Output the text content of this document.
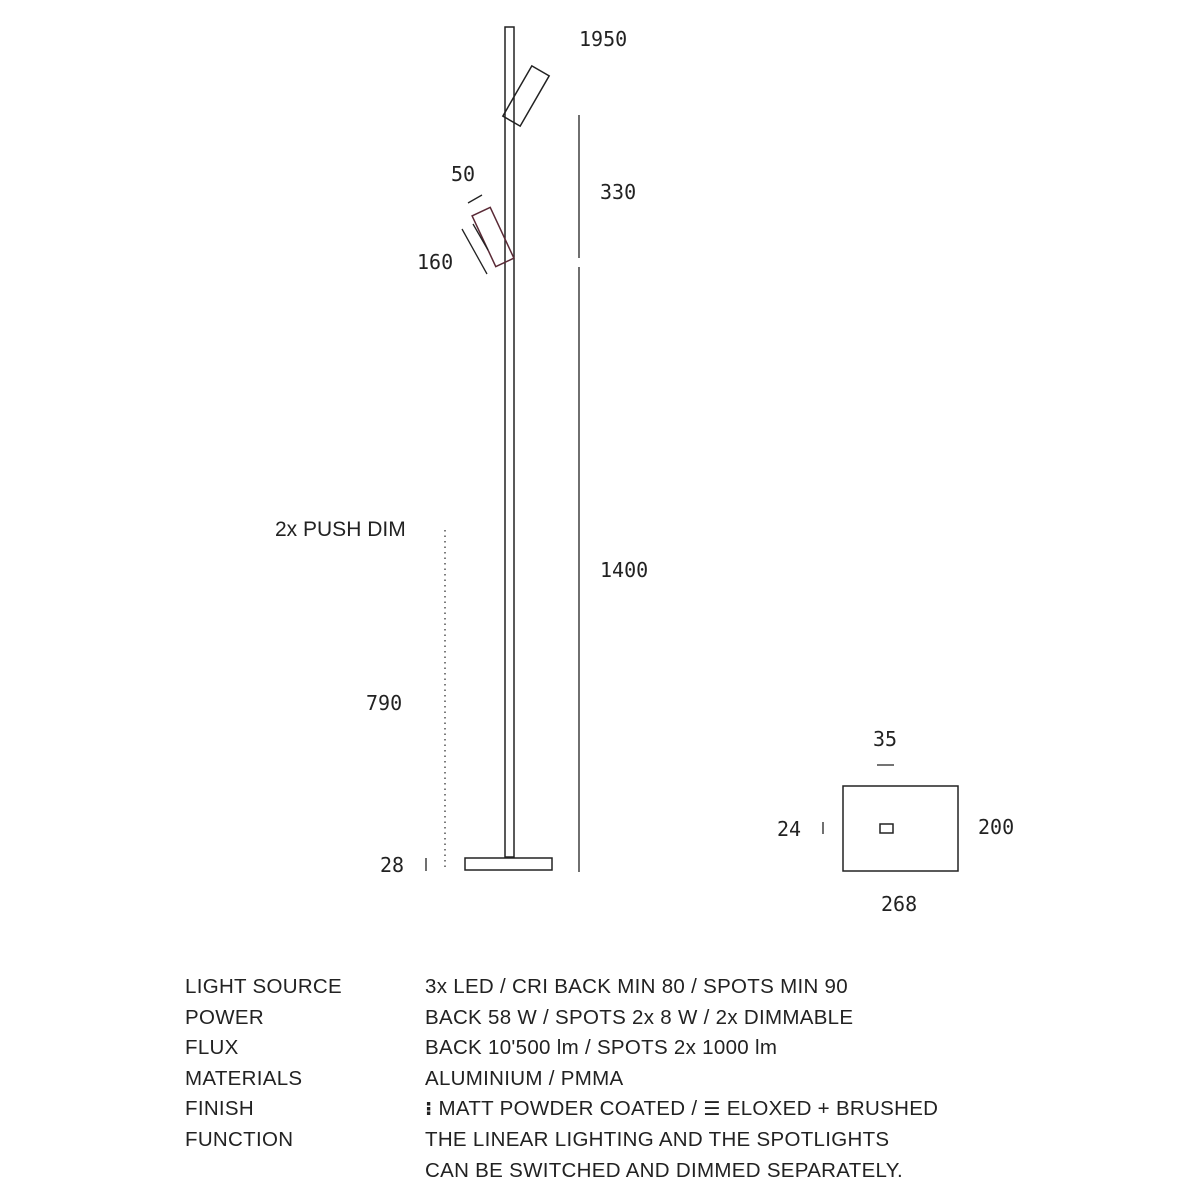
1950
330
50
160
2x PUSH DIM
1400
790
28
35
24	200
268
LIGHT SOURCE	3x LED / CRI BACK MIN 80 / SPOTS MIN 90
POWER	BACK 58 W / SPOTS 2x 8 W / 2x DIMMABLE
FLUX	BACK 10'500 lm / SPOTS 2x 1000 lm
MATERIALS	ALUMINIUM / PMMA
FINISH	⁝ MATT POWDER COATED / ☰ ELOXED + BRUSHED
FUNCTION	THE LINEAR LIGHTING AND THE SPOTLIGHTS
CAN BE SWITCHED AND DIMMED SEPARATELY.
